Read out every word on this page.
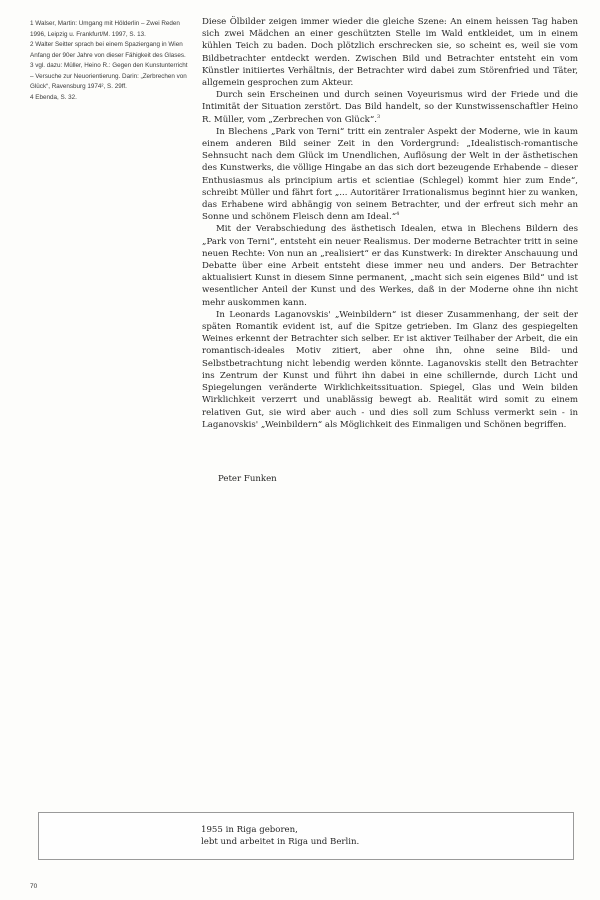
1 Walser, Martin: Umgang mit Hölderlin – Zwei Reden 1996, Leipzig u. Frankfurt/M. 1997, S. 13.

2 Walter Seitter sprach bei einem Spaziergang in Wien Anfang der 90er Jahre von dieser Fähigkeit des Glases.

3 vgl. dazu: Müller, Heino R.: Gegen den Kunstunterricht – Versuche zur Neuorientierung. Darin: „Zerbrechen von Glück“, Ravensburg 1974², S. 29ff.

4 Ebenda, S. 32.

Diese Ölbilder zeigen immer wieder die gleiche Szene: An einem heissen Tag haben sich zwei Mädchen an einer geschützten Stelle im Wald entkleidet, um in einem kühlen Teich zu baden. Doch plötzlich erschrecken sie, so scheint es, weil sie vom Bildbetrachter entdeckt werden. Zwischen Bild und Betrachter entsteht ein vom Künstler initiiertes Verhältnis, der Betrachter wird dabei zum Störenfried und Täter, allgemein gesprochen zum Akteur.

Durch sein Erscheinen und durch seinen Voyeurismus wird der Friede und die Intimität der Situation zerstört. Das Bild handelt, so der Kunstwissenschaftler Heino R. Müller, vom „Zerbrechen von Glück“.$^3$

In Blechens „Park von Terni“ tritt ein zentraler Aspekt der Moderne, wie in kaum einem anderen Bild seiner Zeit in den Vordergrund: „Idealistisch-romantische Sehnsucht nach dem Glück im Unendlichen, Auflösung der Welt in der ästhetischen des Kunstwerks, die völlige Hingabe an das sich dort bezeugende Erhabende – dieser Enthusiasmus als principium artis et scientiae (Schlegel) kommt hier zum Ende“, schreibt Müller und fährt fort „... Autoritärer Irrationalismus beginnt hier zu wanken, das Erhabene wird abhängig von seinem Betrachter, und der erfreut sich mehr an Sonne und schönem Fleisch denn am Ideal.“$^4$

Mit der Verabschiedung des ästhetisch Idealen, etwa in Blechens Bildern des „Park von Terni“, entsteht ein neuer Realismus. Der moderne Betrachter tritt in seine neuen Rechte: Von nun an „realisiert“ er das Kunstwerk: In direkter Anschauung und Debatte über eine Arbeit entsteht diese immer neu und anders. Der Betrachter aktualisiert Kunst in diesem Sinne permanent, „macht sich sein eigenes Bild“ und ist wesentlicher Anteil der Kunst und des Werkes, daß in der Moderne ohne ihn nicht mehr auskommen kann.

In Leonards Laganovskis' „Weinbildern“ ist dieser Zusammenhang, der seit der späten Romantik evident ist, auf die Spitze getrieben. Im Glanz des gespiegelten Weines erkennt der Betrachter sich selber. Er ist aktiver Teilhaber der Arbeit, die ein romantisch-ideales Motiv zitiert, aber ohne ihn, ohne seine Bild- und Selbstbetrachtung nicht lebendig werden könnte. Laganovskis stellt den Betrachter ins Zentrum der Kunst und führt ihn dabei in eine schillernde, durch Licht und Spiegelungen veränderte Wirklichkeitssituation. Spiegel, Glas und Wein bilden Wirklichkeit verzerrt und unablässig bewegt ab. Realität wird somit zu einem relativen Gut, sie wird aber auch - und dies soll zum Schluss vermerkt sein - in Laganovskis' „Weinbildern“ als Möglichkeit des Einmaligen und Schönen begriffen.

Peter Funken

1955 in Riga geboren,

lebt und arbeitet in Riga und Berlin.

70
